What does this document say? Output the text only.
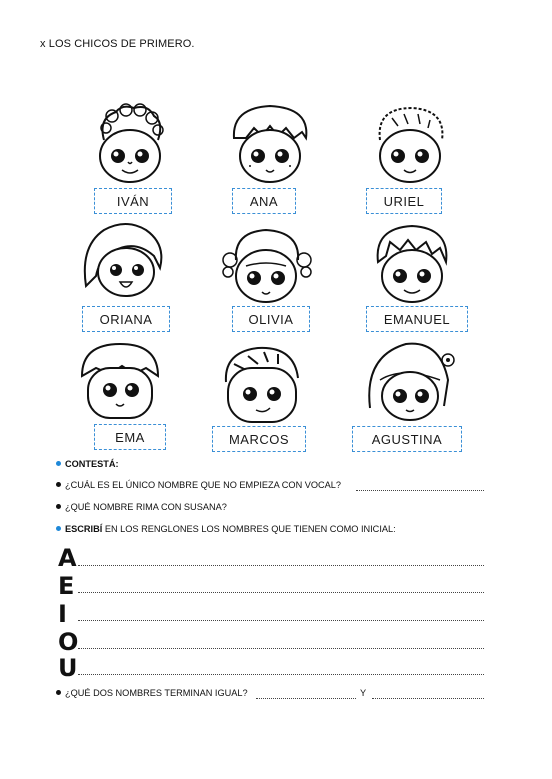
x LOS CHICOS DE PRIMERO.
IVÁN	ANA	URIEL
ORIANA	OLIVIA	EMANUEL
EMA	MARCOS	AGUSTINA
CONTESTÁ:
¿CUÁL ES EL ÚNICO NOMBRE QUE NO EMPIEZA CON VOCAL?
¿QUÉ NOMBRE RIMA CON SUSANA?
ESCRIBÍ EN LOS RENGLONES LOS NOMBRES QUE TIENEN COMO INICIAL:
A
E
I
O
U
¿QUÉ DOS NOMBRES TERMINAN IGUAL?	Y
